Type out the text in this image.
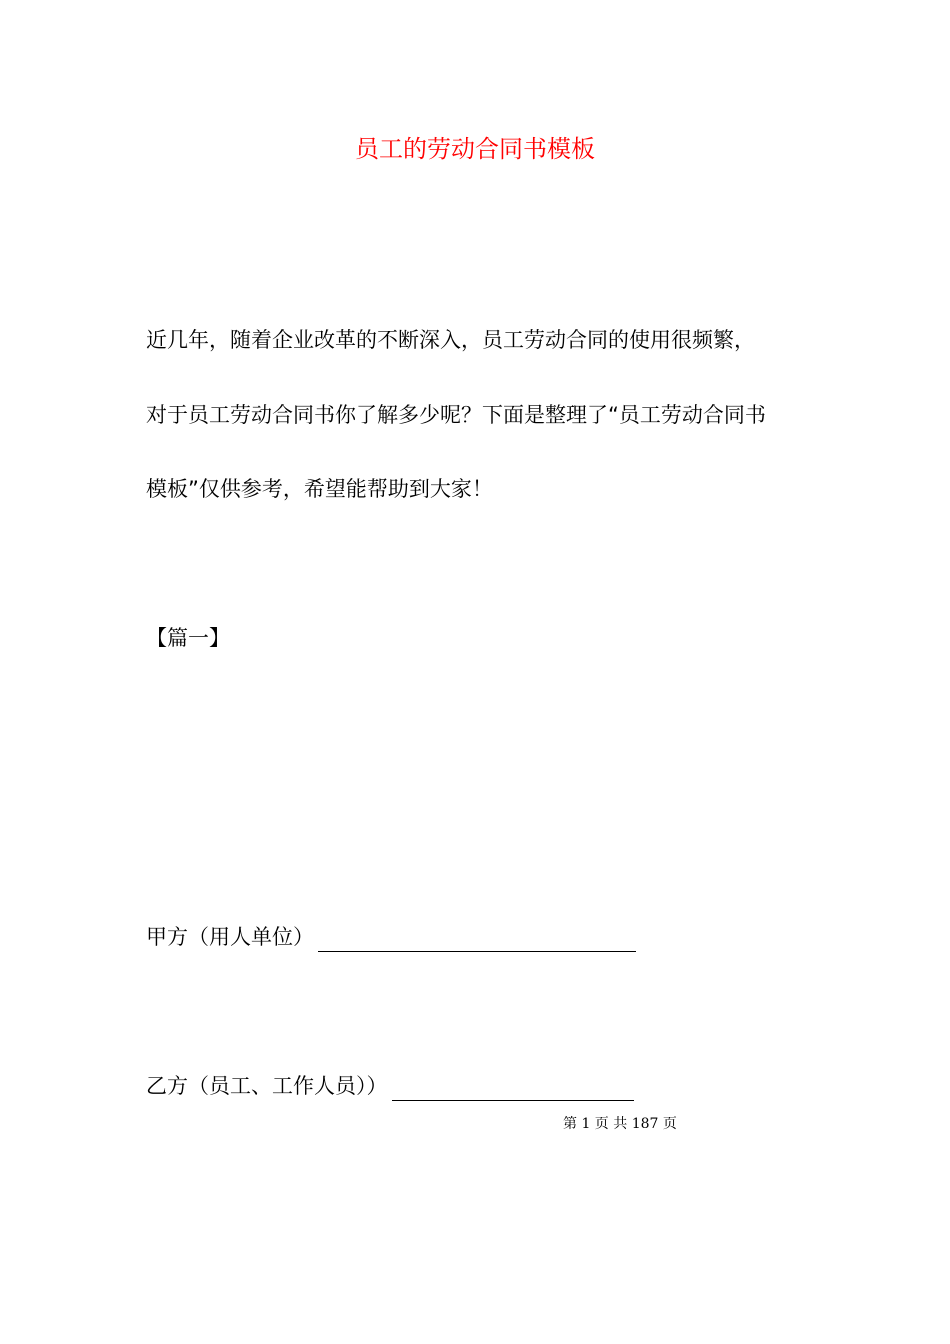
员工的劳动合同书模板
近几年，随着企业改革的不断深入，员工劳动合同的使用很频繁，
对于员工劳动合同书你了解多少呢？下面是整理了“员工劳动合同书
模板”仅供参考，希望能帮助到大家！
【篇一】
甲方（用人单位）
乙方（员工、工作人员））
第 1 页 共 187 页
